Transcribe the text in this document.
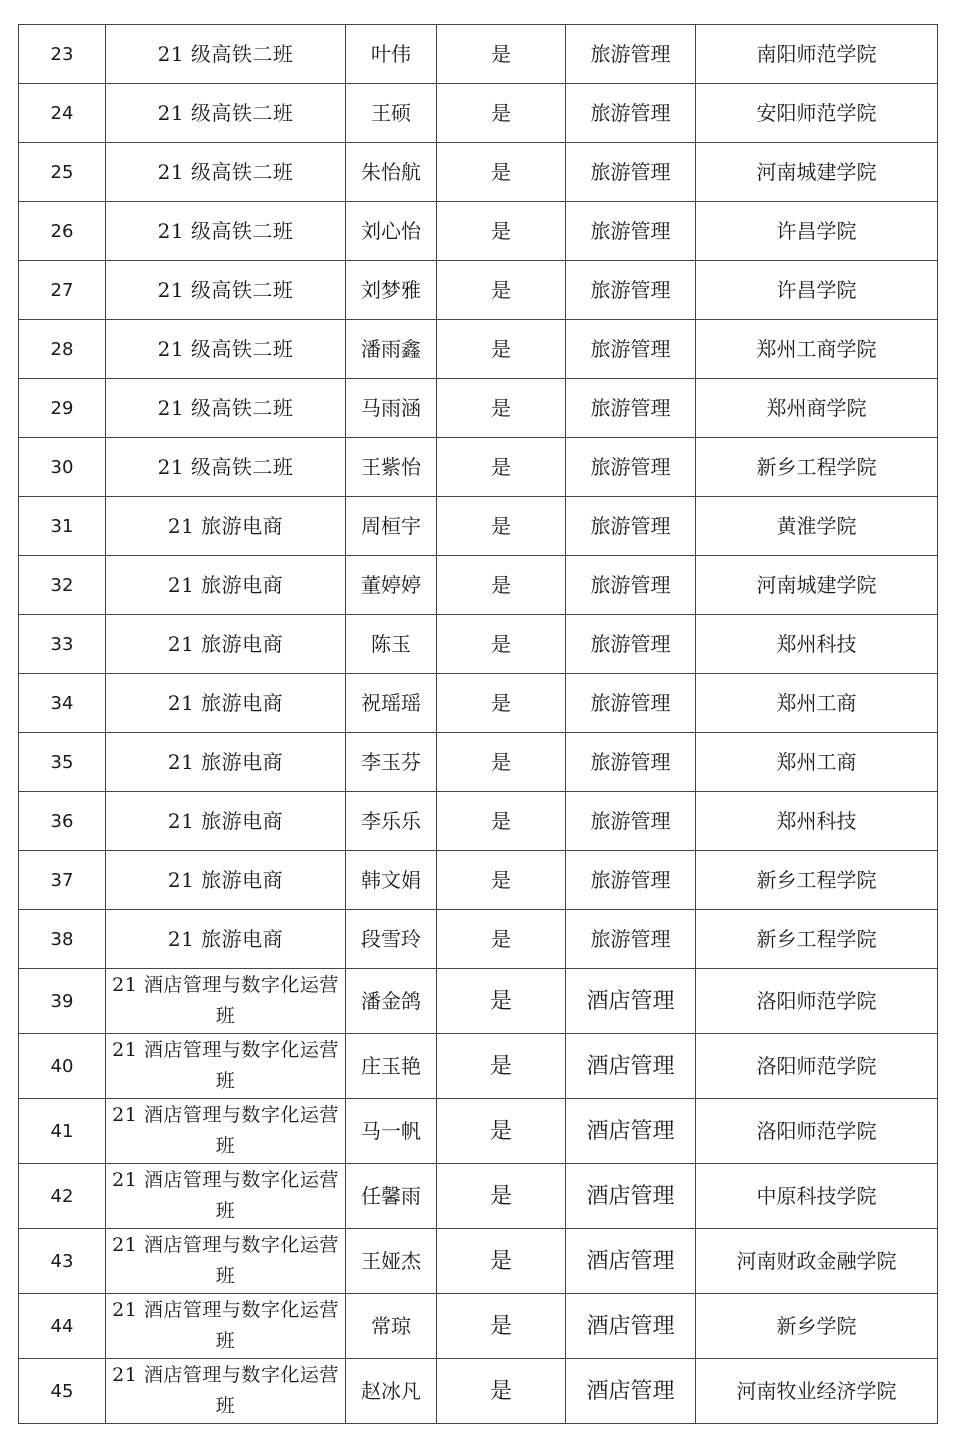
23	21 级高铁二班	叶伟	是	旅游管理	南阳师范学院
24	21 级高铁二班	王硕	是	旅游管理	安阳师范学院
25	21 级高铁二班	朱怡航	是	旅游管理	河南城建学院
26	21 级高铁二班	刘心怡	是	旅游管理	许昌学院
27	21 级高铁二班	刘梦雅	是	旅游管理	许昌学院
28	21 级高铁二班	潘雨鑫	是	旅游管理	郑州工商学院
29	21 级高铁二班	马雨涵	是	旅游管理	郑州商学院
30	21 级高铁二班	王紫怡	是	旅游管理	新乡工程学院
31	21 旅游电商	周桓宇	是	旅游管理	黄淮学院
32	21 旅游电商	董婷婷	是	旅游管理	河南城建学院
33	21 旅游电商	陈玉	是	旅游管理	郑州科技
34	21 旅游电商	祝瑶瑶	是	旅游管理	郑州工商
35	21 旅游电商	李玉芬	是	旅游管理	郑州工商
36	21 旅游电商	李乐乐	是	旅游管理	郑州科技
37	21 旅游电商	韩文娟	是	旅游管理	新乡工程学院
38	21 旅游电商	段雪玲	是	旅游管理	新乡工程学院
39	21 酒店管理与数字化运营班	潘金鸽	是	酒店管理	洛阳师范学院
40	21 酒店管理与数字化运营班	庄玉艳	是	酒店管理	洛阳师范学院
41	21 酒店管理与数字化运营班	马一帆	是	酒店管理	洛阳师范学院
42	21 酒店管理与数字化运营班	任馨雨	是	酒店管理	中原科技学院
43	21 酒店管理与数字化运营班	王娅杰	是	酒店管理	河南财政金融学院
44	21 酒店管理与数字化运营班	常琼	是	酒店管理	新乡学院
45	21 酒店管理与数字化运营班	赵冰凡	是	酒店管理	河南牧业经济学院
